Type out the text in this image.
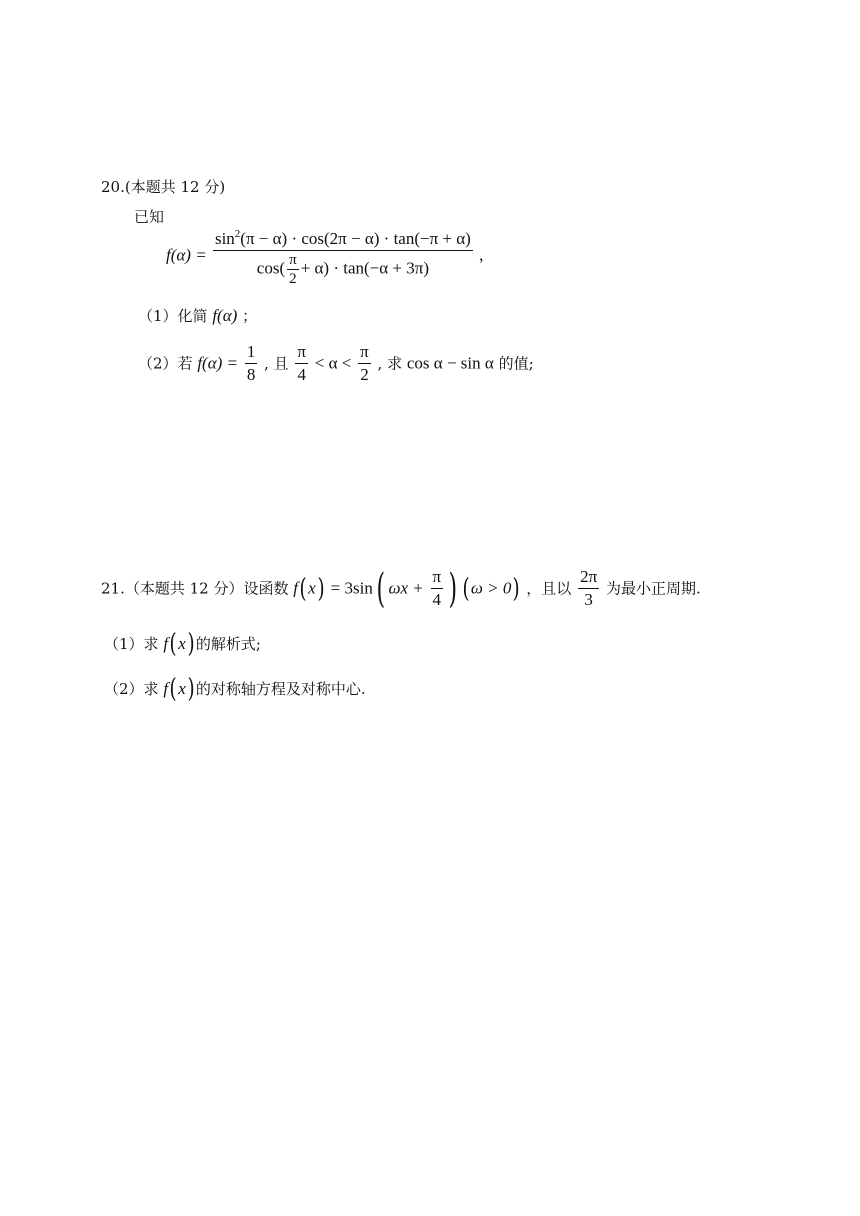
20.(本题共 12 分)
已知
$f(\alpha) = \frac{\sin^2(\pi - \alpha) \cdot \cos(2\pi - \alpha) \cdot \tan(-\pi + \alpha)}{\cos( \frac{\pi}{2} + \alpha) \cdot \tan(-\alpha + 3\pi)}$ ,
（1）化简 f(α) ；
（2）若 $f(\alpha) = \frac{1}{8}$ , 且 $\frac{\pi}{4} < \alpha < \frac{\pi}{2}$ , 求 cos α − sin α 的值;
21.（本题共 12 分）设函数 f(x) = 3sin( $\omega x + \frac{\pi}{4}$ ) (ω > 0) ，且以 $\frac{2\pi}{3}$ 为最小正周期.
（1）求 f(x) 的解析式;
（2）求 f(x) 的对称轴方程及对称中心.
